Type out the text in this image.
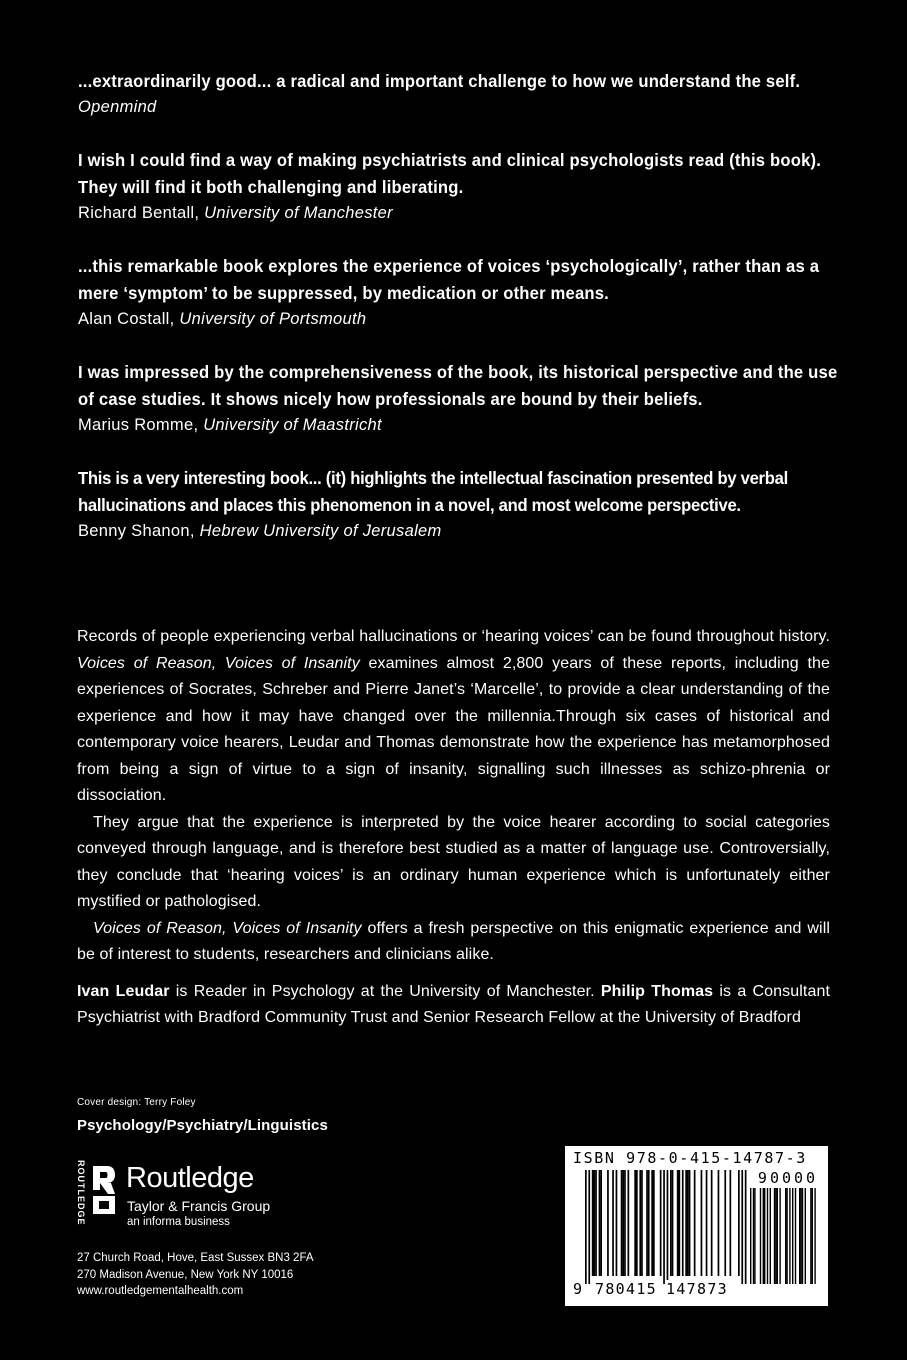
...extraordinarily good... a radical and important challenge to how we understand the self.

Openmind

I wish I could find a way of making psychiatrists and clinical psychologists read (this book). They will find it both challenging and liberating.

Richard Bentall, University of Manchester

...this remarkable book explores the experience of voices ‘psychologically’, rather than as a mere ‘symptom’ to be suppressed, by medication or other means.

Alan Costall, University of Portsmouth

I was impressed by the comprehensiveness of the book, its historical perspective and the use of case studies. It shows nicely how professionals are bound by their beliefs.

Marius Romme, University of Maastricht

This is a very interesting book... (it) highlights the intellectual fascination presented by verbal hallucinations and places this phenomenon in a novel, and most welcome perspective.

Benny Shanon, Hebrew University of Jerusalem

Records of people experiencing verbal hallucinations or ‘hearing voices’ can be found throughout history. Voices of Reason, Voices of Insanity examines almost 2,800 years of these reports, including the experiences of Socrates, Schreber and Pierre Janet’s ‘Marcelle’, to provide a clear understanding of the experience and how it may have changed over the millennia.Through six cases of historical and contemporary voice hearers, Leudar and Thomas demonstrate how the experience has metamorphosed from being a sign of virtue to a sign of insanity, signalling such illnesses as schizo-phrenia or dissociation.

They argue that the experience is interpreted by the voice hearer according to social categories conveyed through language, and is therefore best studied as a matter of language use. Controversially, they conclude that ‘hearing voices’ is an ordinary human experience which is unfortunately either mystified or pathologised.

Voices of Reason, Voices of Insanity offers a fresh perspective on this enigmatic experience and will be of interest to students, researchers and clinicians alike.

Ivan Leudar is Reader in Psychology at the University of Manchester. Philip Thomas is a Consultant Psychiatrist with Bradford Community Trust and Senior Research Fellow at the University of Bradford

Cover design: Terry Foley
Psychology/Psychiatry/Linguistics
ROUTLEDGE Routledge
Taylor & Francis Group
an informa business
27 Church Road, Hove, East Sussex BN3 2FA
270 Madison Avenue, New York NY 10016
www.routledgementalhealth.com
ISBN 978-0-415-14787-3
90000
9 780415 147873
